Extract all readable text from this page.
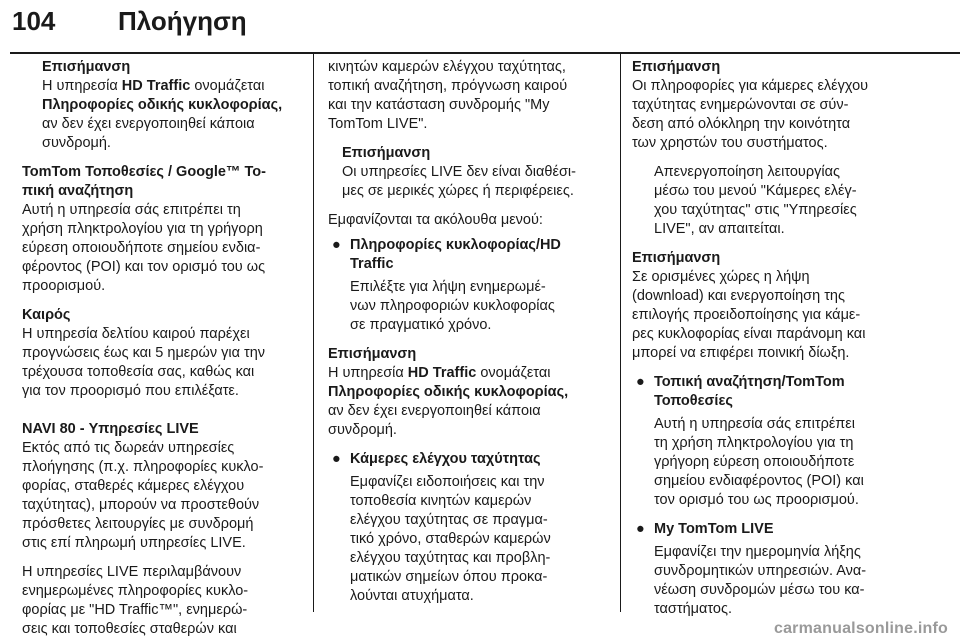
104 Πλοήγηση

Επισήμανση

Η υπηρεσία HD Traffic ονομάζεται

Πληροφορίες οδικής κυκλοφορίας,

αν δεν έχει ενεργοποιηθεί κάποια

συνδρομή.

TomTom Τοποθεσίες / Google™ To-

πική αναζήτηση

Αυτή η υπηρεσία σάς επιτρέπει τη

χρήση πληκτρολογίου για τη γρήγορη

εύρεση οποιουδήποτε σημείου ενδια-

φέροντος (POI) και τον ορισμό του ως

προορισμού.

Καιρός

Η υπηρεσία δελτίου καιρού παρέχει

προγνώσεις έως και 5 ημερών για την

τρέχουσα τοποθεσία σας, καθώς και

για τον προορισμό που επιλέξατε.

NAVI 80 - Υπηρεσίες LIVE

Εκτός από τις δωρεάν υπηρεσίες

πλοήγησης (π.χ. πληροφορίες κυκλο-

φορίας, σταθερές κάμερες ελέγχου

ταχύτητας), μπορούν να προστεθούν

πρόσθετες λειτουργίες με συνδρομή

στις επί πληρωμή υπηρεσίες LIVE.

Η υπηρεσίες LIVE περιλαμβάνουν

ενημερωμένες πληροφορίες κυκλο-

φορίας με "HD Traffic™", ενημερώ-

σεις και τοποθεσίες σταθερών και

κινητών καμερών ελέγχου ταχύτητας,

τοπική αναζήτηση, πρόγνωση καιρού

και την κατάσταση συνδρομής "My

TomTom LIVE".

Επισήμανση

Οι υπηρεσίες LIVE δεν είναι διαθέσι-

μες σε μερικές χώρες ή περιφέρειες.

Εμφανίζονται τα ακόλουθα μενού:

● Πληροφορίες κυκλοφορίας/HD

Traffic

Επιλέξτε για λήψη ενημερωμέ-

νων πληροφοριών κυκλοφορίας

σε πραγματικό χρόνο.

Επισήμανση

Η υπηρεσία HD Traffic ονομάζεται

Πληροφορίες οδικής κυκλοφορίας,

αν δεν έχει ενεργοποιηθεί κάποια

συνδρομή.

● Κάμερες ελέγχου ταχύτητας

Εμφανίζει ειδοποιήσεις και την

τοποθεσία κινητών καμερών

ελέγχου ταχύτητας σε πραγμα-

τικό χρόνο, σταθερών καμερών

ελέγχου ταχύτητας και προβλη-

ματικών σημείων όπου προκα-

λούνται ατυχήματα.

Επισήμανση

Οι πληροφορίες για κάμερες ελέγχου

ταχύτητας ενημερώνονται σε σύν-

δεση από ολόκληρη την κοινότητα

των χρηστών του συστήματος.

Απενεργοποίηση λειτουργίας

μέσω του μενού "Κάμερες ελέγ-

χου ταχύτητας" στις "Υπηρεσίες

LIVE", αν απαιτείται.

Επισήμανση

Σε ορισμένες χώρες η λήψη

(download) και ενεργοποίηση της

επιλογής προειδοποίησης για κάμε-

ρες κυκλοφορίας είναι παράνομη και

μπορεί να επιφέρει ποινική δίωξη.

● Τοπική αναζήτηση/TomTom

Τοποθεσίες

Αυτή η υπηρεσία σάς επιτρέπει

τη χρήση πληκτρολογίου για τη

γρήγορη εύρεση οποιουδήποτε

σημείου ενδιαφέροντος (POI) και

τον ορισμό του ως προορισμού.

● My TomTom LIVE

Εμφανίζει την ημερομηνία λήξης

συνδρομητικών υπηρεσιών. Ανα-

νέωση συνδρομών μέσω του κα-

ταστήματος.

carmanualsonline.info
